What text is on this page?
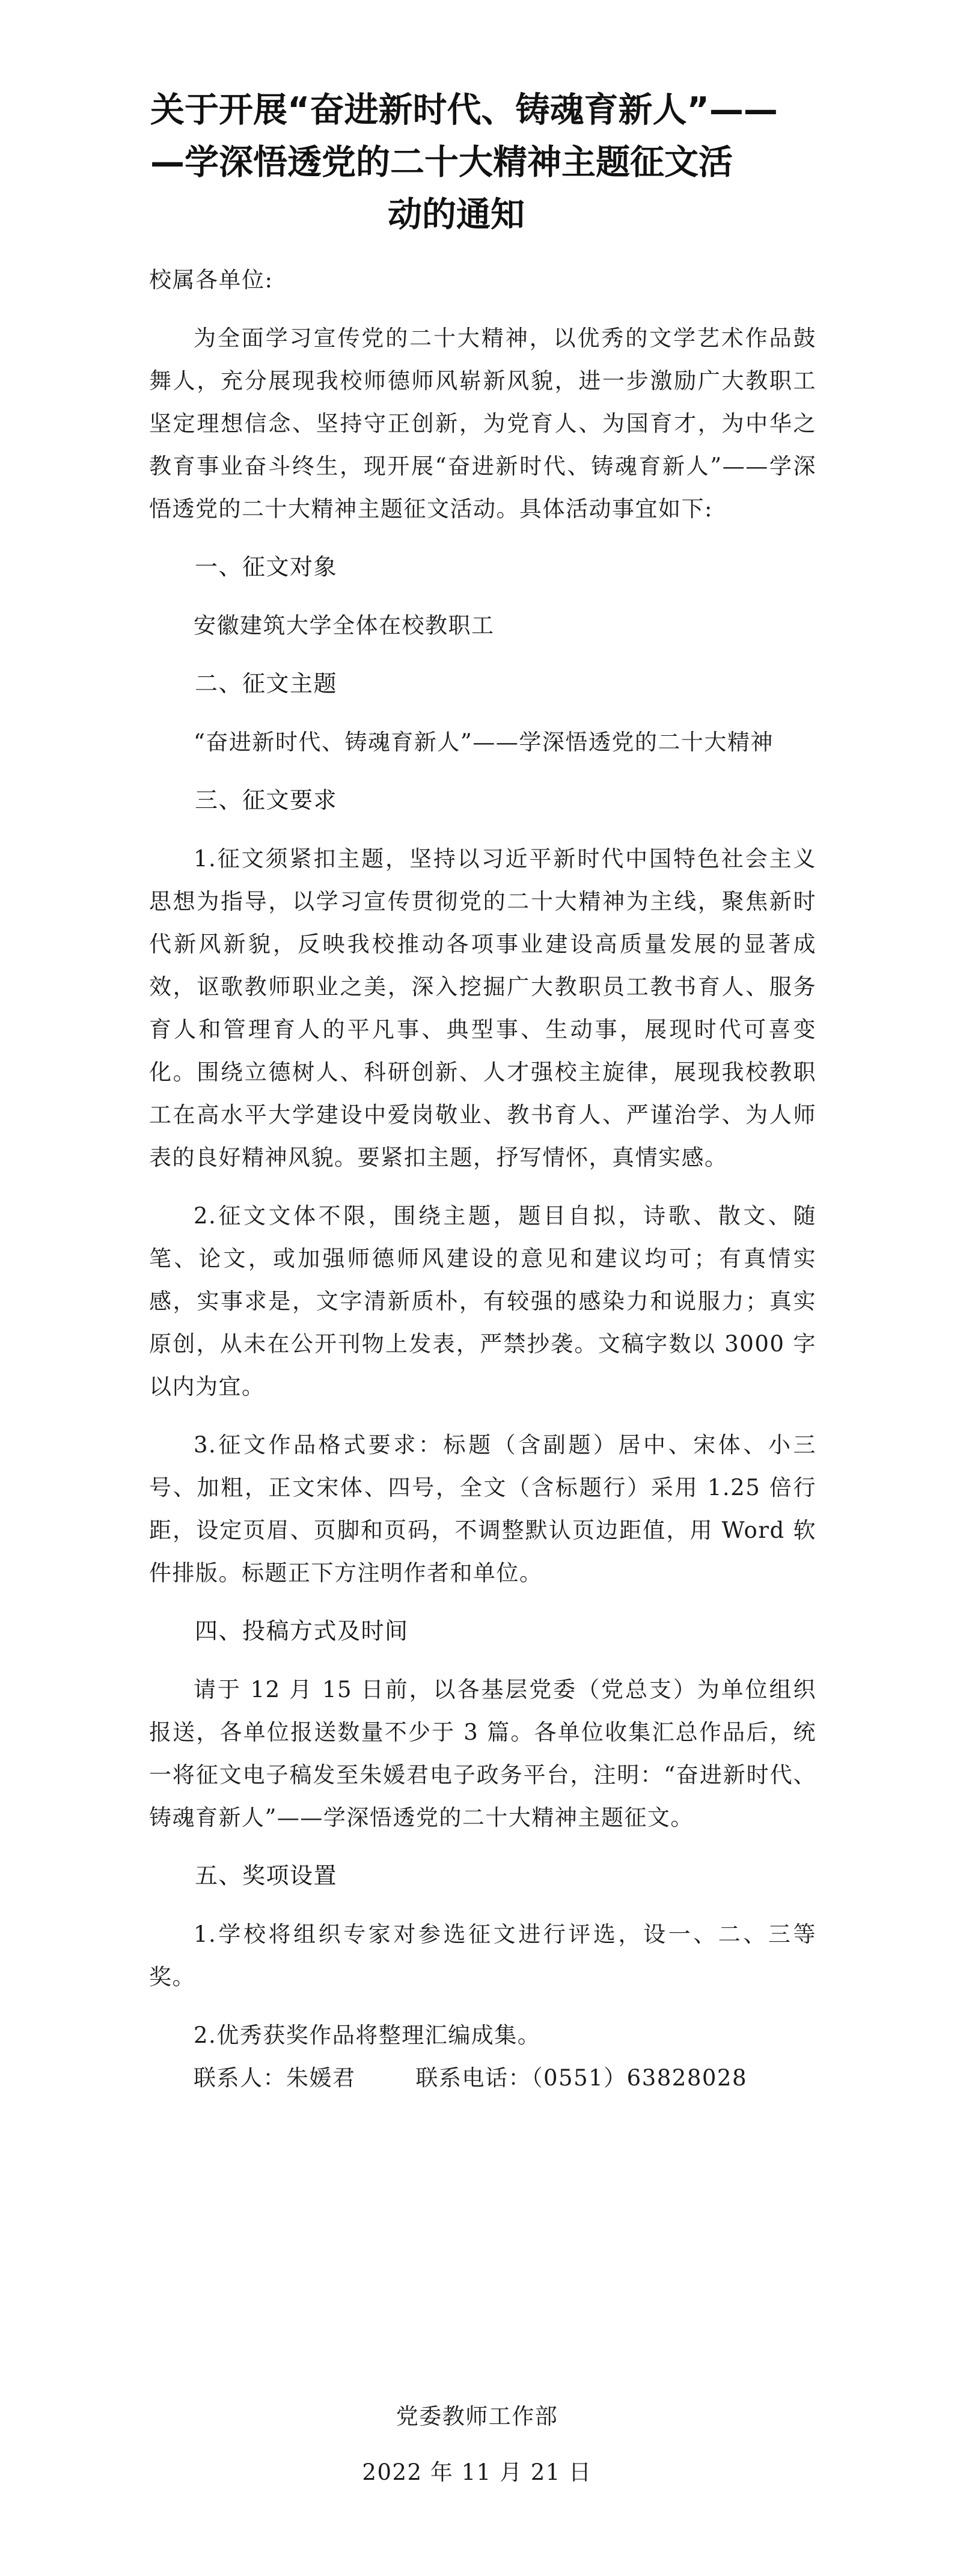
关于开展“奋进新时代、铸魂育新人”——
—学深悟透党的二十大精神主题征文活
动的通知

校属各单位:

为全面学习宣传党的二十大精神，以优秀的文学艺术作品鼓舞人，充分展现我校师德师风崭新风貌，进一步激励广大教职工坚定理想信念、坚持守正创新，为党育人、为国育才，为中华之教育事业奋斗终生，现开展“奋进新时代、铸魂育新人”——学深悟透党的二十大精神主题征文活动。具体活动事宜如下:

一、征文对象

安徽建筑大学全体在校教职工

二、征文主题

“奋进新时代、铸魂育新人”——学深悟透党的二十大精神

三、征文要求

1.征文须紧扣主题，坚持以习近平新时代中国特色社会主义思想为指导，以学习宣传贯彻党的二十大精神为主线，聚焦新时代新风新貌，反映我校推动各项事业建设高质量发展的显著成效，讴歌教师职业之美，深入挖掘广大教职员工教书育人、服务育人和管理育人的平凡事、典型事、生动事，展现时代可喜变化。围绕立德树人、科研创新、人才强校主旋律，展现我校教职工在高水平大学建设中爱岗敬业、教书育人、严谨治学、为人师表的良好精神风貌。要紧扣主题，抒写情怀，真情实感。

2.征文文体不限，围绕主题，题目自拟，诗歌、散文、随笔、论文，或加强师德师风建设的意见和建议均可；有真情实感，实事求是，文字清新质朴，有较强的感染力和说服力；真实原创，从未在公开刊物上发表，严禁抄袭。文稿字数以 3000 字以内为宜。

3.征文作品格式要求：标题（含副题）居中、宋体、小三号、加粗，正文宋体、四号，全文（含标题行）采用 1.25 倍行距，设定页眉、页脚和页码，不调整默认页边距值，用 Word 软件排版。标题正下方注明作者和单位。

四、投稿方式及时间

请于 12 月 15 日前，以各基层党委（党总支）为单位组织报送，各单位报送数量不少于 3 篇。各单位收集汇总作品后，统一将征文电子稿发至朱媛君电子政务平台，注明：“奋进新时代、铸魂育新人”——学深悟透党的二十大精神主题征文。

五、奖项设置

1.学校将组织专家对参选征文进行评选，设一、二、三等奖。

2.优秀获奖作品将整理汇编成集。

联系人：朱媛君	联系电话：（0551）63828028

党委教师工作部
2022 年 11 月 21 日
